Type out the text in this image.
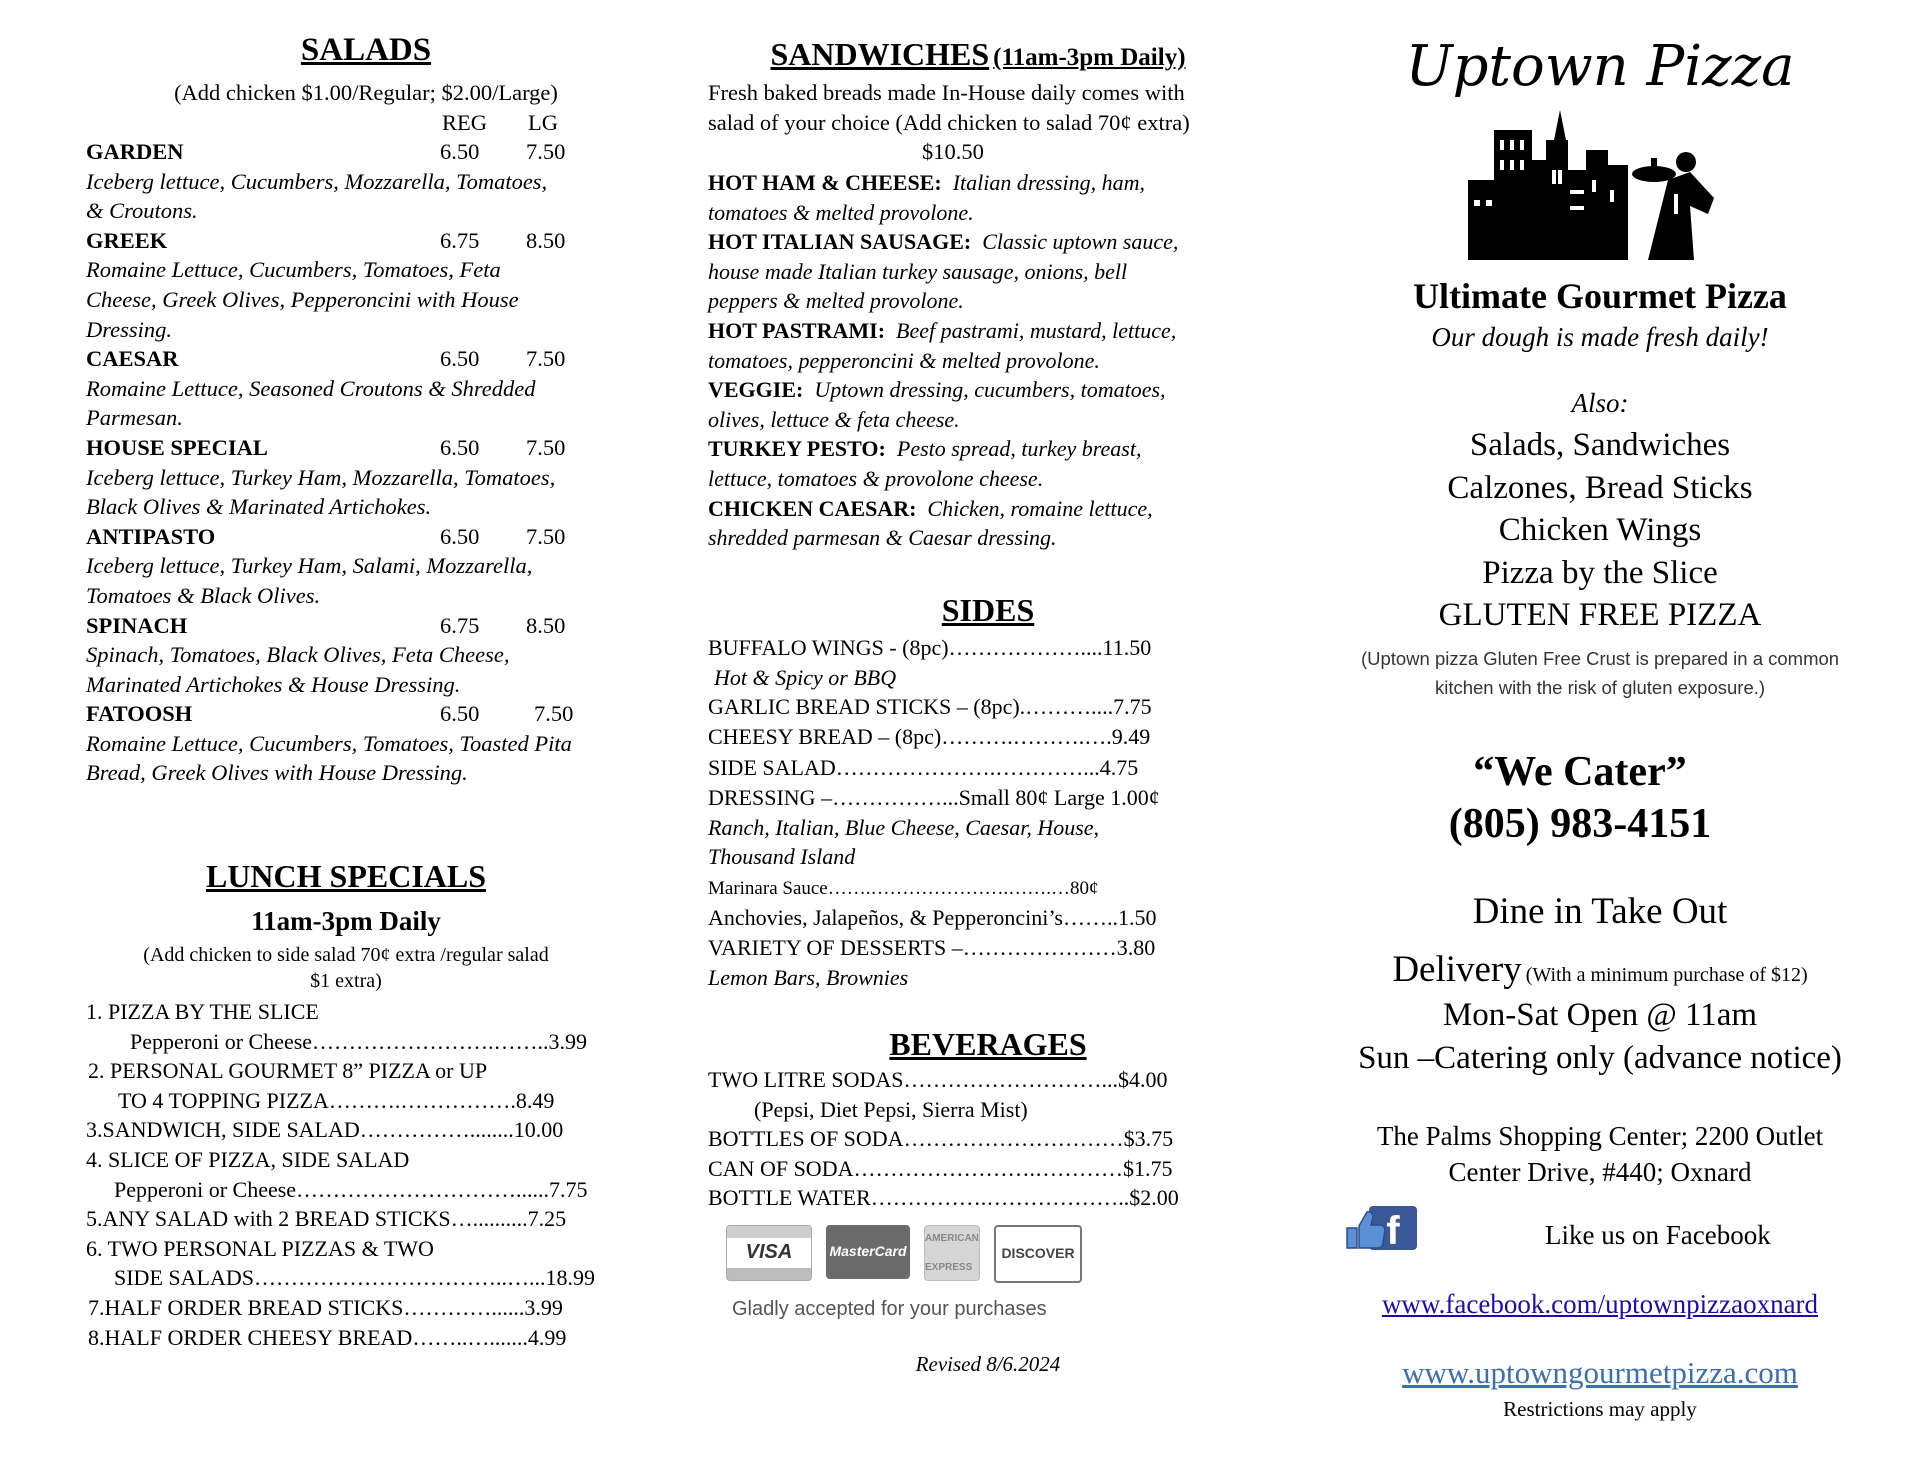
SALADS
(Add chicken $1.00/Regular; $2.00/Large)
REG LG
GARDEN	6.50 7.50
Iceberg lettuce, Cucumbers, Mozzarella, Tomatoes,
& Croutons.
GREEK	6.75 8.50
Romaine Lettuce, Cucumbers, Tomatoes, Feta
Cheese, Greek Olives, Pepperoncini with House
Dressing.
CAESAR	6.50 7.50
Romaine Lettuce, Seasoned Croutons & Shredded
Parmesan.
HOUSE SPECIAL	6.50 7.50
Iceberg lettuce, Turkey Ham, Mozzarella, Tomatoes,
Black Olives & Marinated Artichokes.
ANTIPASTO	6.50 7.50
Iceberg lettuce, Turkey Ham, Salami, Mozzarella,
Tomatoes & Black Olives.
SPINACH	6.75 8.50
Spinach, Tomatoes, Black Olives, Feta Cheese,
Marinated Artichokes & House Dressing.
FATOOSH	6.50 7.50
Romaine Lettuce, Cucumbers, Tomatoes, Toasted Pita
Bread, Greek Olives with House Dressing.
LUNCH SPECIALS
11am-3pm Daily
(Add chicken to side salad 70¢ extra /regular salad
$1 extra)
1. PIZZA BY THE SLICE
Pepperoni or Cheese…………………….……..3.99
2. PERSONAL GOURMET 8” PIZZA or UP
TO 4 TOPPING PIZZA……….…………….8.49
3.SANDWICH, SIDE SALAD……………........10.00
4. SLICE OF PIZZA, SIDE SALAD
Pepperoni or Cheese…………………………......7.75
5.ANY SALAD with 2 BREAD STICKS…..........7.25
6. TWO PERSONAL PIZZAS & TWO
SIDE SALADS……………………………..…...18.99
7.HALF ORDER BREAD STICKS…………......3.99
8.HALF ORDER CHEESY BREAD……..….......4.99
SANDWICHES (11am-3pm Daily)
Fresh baked breads made In-House daily comes with
salad of your choice (Add chicken to salad 70¢ extra)
$10.50
HOT HAM & CHEESE: Italian dressing, ham,
tomatoes & melted provolone.
HOT ITALIAN SAUSAGE: Classic uptown sauce,
house made Italian turkey sausage, onions, bell
peppers & melted provolone.
HOT PASTRAMI: Beef pastrami, mustard, lettuce,
tomatoes, pepperoncini & melted provolone.
VEGGIE: Uptown dressing, cucumbers, tomatoes,
olives, lettuce & feta cheese.
TURKEY PESTO: Pesto spread, turkey breast,
lettuce, tomatoes & provolone cheese.
CHICKEN CAESAR: Chicken, romaine lettuce,
shredded parmesan & Caesar dressing.
SIDES
BUFFALO WINGS - (8pc)………………....11.50
Hot & Spicy or BBQ
GARLIC BREAD STICKS – (8pc).………....7.75
CHEESY BREAD – (8pc)……….……….….9.49
SIDE SALAD………………….…………...4.75
DRESSING –……………...Small 80¢ Large 1.00¢
Ranch, Italian, Blue Cheese, Caesar, House,
Thousand Island
Marinara Sauce…….………………….…….…80¢
Anchovies, Jalapeños, & Pepperoncini’s……..1.50
VARIETY OF DESSERTS –…………………3.80
Lemon Bars, Brownies
BEVERAGES
TWO LITRE SODAS………………………...$4.00
(Pepsi, Diet Pepsi, Sierra Mist)
BOTTLES OF SODA…………………………$3.75
CAN OF SODA…………………….…………$1.75
BOTTLE WATER…………….………………..$2.00
VISA	MasterCard
AMERICAN EXPRESS
DISCOVER
Gladly accepted for your purchases
Revised 8/6.2024
Uptown Pizza
Ultimate Gourmet Pizza
Our dough is made fresh daily!
Also:
Salads, Sandwiches
Calzones, Bread Sticks
Chicken Wings
Pizza by the Slice
GLUTEN FREE PIZZA
(Uptown pizza Gluten Free Crust is prepared in a common
kitchen with the risk of gluten exposure.)
“We Cater”
(805) 983-4151
Dine in Take Out
Delivery (With a minimum purchase of $12)
Mon-Sat Open @ 11am
Sun –Catering only (advance notice)
The Palms Shopping Center; 2200 Outlet
Center Drive, #440; Oxnard
f	Like us on Facebook
www.facebook.com/uptownpizzaoxnard
www.uptowngourmetpizza.com
Restrictions may apply
